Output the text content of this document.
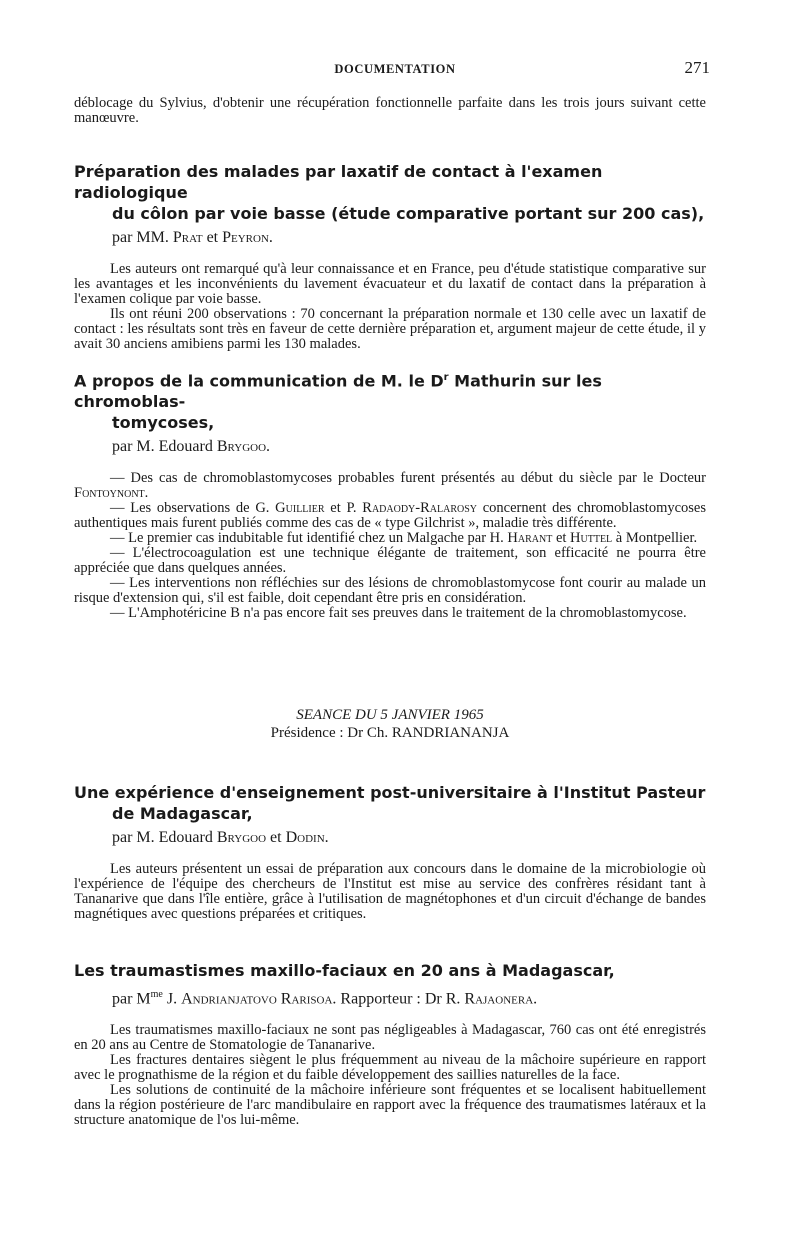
DOCUMENTATION	271

déblocage du Sylvius, d'obtenir une récupération fonctionnelle parfaite dans les trois jours suivant cette manœuvre.

Préparation des malades par laxatif de contact à l'examen radiologique
du côlon par voie basse (étude comparative portant sur 200 cas),
par MM. Prat et Peyron.

Les auteurs ont remarqué qu'à leur connaissance et en France, peu d'étude statistique comparative sur les avantages et les inconvénients du lavement évacuateur et du laxatif de contact dans la préparation à l'examen colique par voie basse.

Ils ont réuni 200 observations : 70 concernant la préparation normale et 130 celle avec un laxatif de contact : les résultats sont très en faveur de cette dernière préparation et, argument majeur de cette étude, il y avait 30 anciens amibiens parmi les 130 malades.

A propos de la communication de M. le $D^r$ Mathurin sur les chromoblas-
tomycoses,
par M. Edouard Brygoo.

— Des cas de chromoblastomycoses probables furent présentés au début du siècle par le Docteur Fontoynont.

— Les observations de G. Guillier et P. Radaody-Ralarosy concernent des chromoblastomycoses authentiques mais furent publiés comme des cas de « type Gilchrist », maladie très différente.

— Le premier cas indubitable fut identifié chez un Malgache par H. Harant et Huttel à Montpellier.

— L'électrocoagulation est une technique élégante de traitement, son efficacité ne pourra être appréciée que dans quelques années.

— Les interventions non réfléchies sur des lésions de chromoblastomycose font courir au malade un risque d'extension qui, s'il est faible, doit cependant être pris en considération.

— L'Amphotéricine B n'a pas encore fait ses preuves dans le traitement de la chromoblastomycose.

SEANCE DU 5 JANVIER 1965
Présidence : Dr Ch. RANDRIANANJA
Une expérience d'enseignement post-universitaire à l'Institut Pasteur
de Madagascar,
par M. Edouard Brygoo et Dodin.

Les auteurs présentent un essai de préparation aux concours dans le domaine de la microbiologie où l'expérience de l'équipe des chercheurs de l'Institut est mise au service des confrères résidant tant à Tananarive que dans l'île entière, grâce à l'utilisation de magnétophones et d'un circuit d'échange de bandes magnétiques avec questions préparées et critiques.

Les traumastismes maxillo-faciaux en 20 ans à Madagascar,
par $M^{me}$ J. Andrianjatovo Rarisoa. Rapporteur : Dr R. Rajaonera.

Les traumatismes maxillo-faciaux ne sont pas négligeables à Madagascar, 760 cas ont été enregistrés en 20 ans au Centre de Stomatologie de Tananarive.

Les fractures dentaires siègent le plus fréquemment au niveau de la mâchoire supérieure en rapport avec le prognathisme de la région et du faible développement des saillies naturelles de la face.

Les solutions de continuité de la mâchoire inférieure sont fréquentes et se localisent habituellement dans la région postérieure de l'arc mandibulaire en rapport avec la fréquence des traumatismes latéraux et la structure anatomique de l'os lui-même.
